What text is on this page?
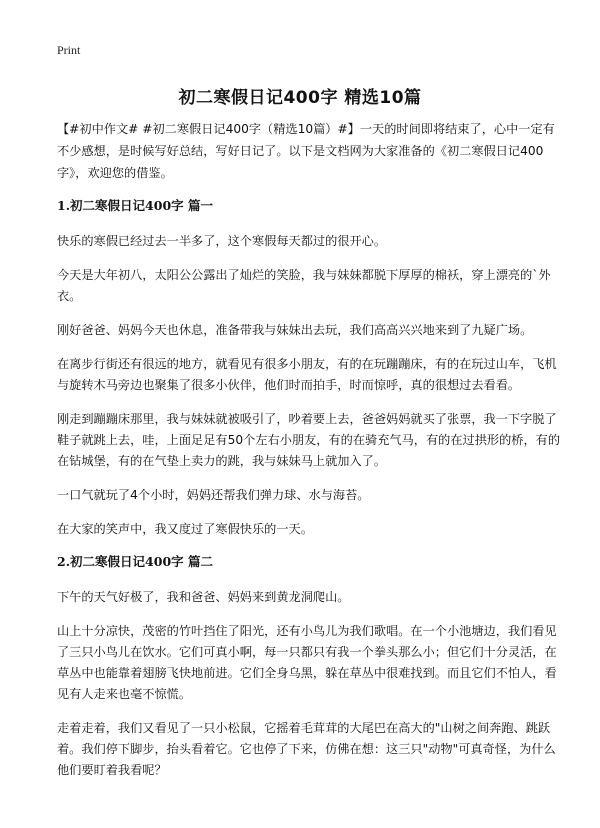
Print
初二寒假日记400字 精选10篇

【#初中作文# #初二寒假日记400字（精选10篇）#】一天的时间即将结束了，心中一定有不少感想，是时候写好总结，写好日记了。以下是文档网为大家准备的《初二寒假日记400字》，欢迎您的借鉴。

1.初二寒假日记400字 篇一

快乐的寒假已经过去一半多了，这个寒假每天都过的很开心。

今天是大年初八，太阳公公露出了灿烂的笑脸，我与妹妹都脱下厚厚的棉袄，穿上漂亮的`外衣。

刚好爸爸、妈妈今天也休息，准备带我与妹妹出去玩，我们高高兴兴地来到了九疑广场。

在离步行街还有很远的地方，就看见有很多小朋友，有的在玩蹦蹦床，有的在玩过山车，飞机与旋转木马旁边也聚集了很多小伙伴，他们时而拍手，时而惊呼，真的很想过去看看。

刚走到蹦蹦床那里，我与妹妹就被吸引了，吵着要上去，爸爸妈妈就买了张票，我一下字脱了鞋子就跳上去，哇，上面足足有50个左右小朋友，有的在骑充气马，有的在过拱形的桥，有的在钻城堡，有的在气垫上卖力的跳，我与妹妹马上就加入了。

一口气就玩了4个小时，妈妈还帮我们弹力球、水与海苔。

在大家的笑声中，我又度过了寒假快乐的一天。

2.初二寒假日记400字 篇二

下午的天气好极了，我和爸爸、妈妈来到黄龙洞爬山。

山上十分凉快，茂密的竹叶挡住了阳光，还有小鸟儿为我们歌唱。在一个小池塘边，我们看见了三只小鸟儿在饮水。它们可真小啊，每一只都只有我一个拳头那么小；但它们十分灵活，在草丛中也能靠着翅膀飞快地前进。它们全身乌黑，躲在草丛中很难找到。而且它们不怕人，看见有人走来也毫不惊慌。

走着走着，我们又看见了一只小松鼠，它摇着毛茸茸的大尾巴在高大的"山树之间奔跑、跳跃着。我们停下脚步，抬头看着它。它也停了下来，仿佛在想：这三只"动物"可真奇怪，为什么他们要盯着我看呢？
